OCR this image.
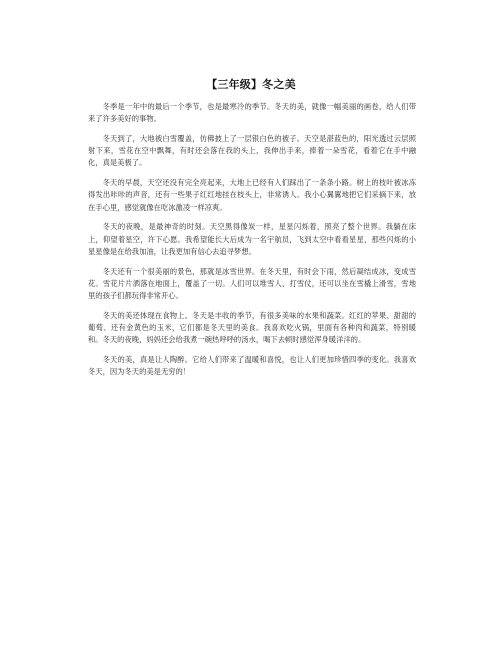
【三年级】冬之美

冬季是一年中的最后一个季节，也是最寒冷的季节。冬天的美，就像一幅美丽的画卷，给人们带来了许多美好的事物。

冬天到了，大地被白雪覆盖，仿佛披上了一层银白色的被子。天空是湛蓝色的，阳光透过云层照射下来，雪花在空中飘舞，有时还会落在我的头上，我伸出手来，捧着一朵雪花，看着它在手中融化，真是美极了。

冬天的早晨，天空还没有完全亮起来，大地上已经有人们踩出了一条条小路。树上的枝叶被冰冻得发出咔咔的声音，还有一些果子红红地挂在枝头上，非常诱人。我小心翼翼地把它们采摘下来，放在手心里，感觉就像在吃冰激凌一样凉爽。

冬天的夜晚，是最神奇的时刻。天空黑得像炭一样，星星闪烁着，照亮了整个世界。我躺在床上，仰望着星空，许下心愿。我希望能长大后成为一名宇航员，飞到太空中看看星星，那些闪烁的小星星像是在给我加油，让我更加有信心去追寻梦想。

冬天还有一个很美丽的景色，那就是冰雪世界。在冬天里，有时会下雨，然后凝结成冰，变成雪花。雪花片片洒落在地面上，覆盖了一切。人们可以堆雪人、打雪仗，还可以坐在雪橇上滑雪，雪地里的孩子们都玩得非常开心。

冬天的美还体现在食物上。冬天是丰收的季节，有很多美味的水果和蔬菜。红红的苹果、甜甜的葡萄、还有金黄色的玉米，它们都是冬天里的美食。我喜欢吃火锅，里面有各种肉和蔬菜，特别暖和。冬天的夜晚，妈妈还会给我煮一碗热呼呼的汤水，喝下去顿时感觉浑身暖洋洋的。

冬天的美，真是让人陶醉。它给人们带来了温暖和喜悦，也让人们更加珍惜四季的变化。我喜欢冬天，因为冬天的美是无穷的！
